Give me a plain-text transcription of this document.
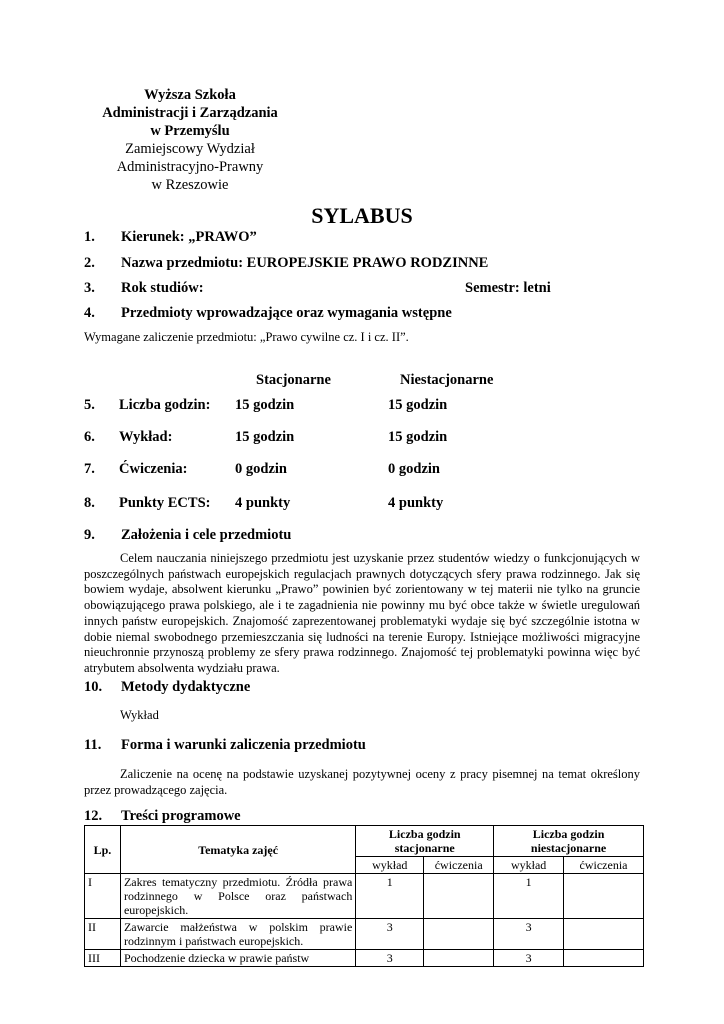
Wyższa Szkoła
Administracji i Zarządzania
w Przemyślu
Zamiejscowy Wydział
Administracyjno-Prawny
w Rzeszowie
SYLABUS
1. Kierunek: „PRAWO”
2. Nazwa przedmiotu: EUROPEJSKIE PRAWO RODZINNE
3. Rok studiów:	Semestr: letni
4. Przedmioty wprowadzające oraz wymagania wstępne
Wymagane zaliczenie przedmiotu: „Prawo cywilne cz. I i cz. II”.
Stacjonarne	Niestacjonarne
5. Liczba godzin: 15 godzin	15 godzin
6. Wykład:	15 godzin	15 godzin
7. Ćwiczenia:	0 godzin	0 godzin
8. Punkty ECTS: 4 punkty	4 punkty
9. Założenia i cele przedmiotu
Celem nauczania niniejszego przedmiotu jest uzyskanie przez studentów wiedzy o funkcjonujących w poszczególnych państwach europejskich regulacjach prawnych dotyczących sfery prawa rodzinnego. Jak się bowiem wydaje, absolwent kierunku „Prawo” powinien być zorientowany w tej materii nie tylko na gruncie obowiązującego prawa polskiego, ale i te zagadnienia nie powinny mu być obce także w świetle uregulowań innych państw europejskich. Znajomość zaprezentowanej problematyki wydaje się być szczególnie istotna w dobie niemal swobodnego przemieszczania się ludności na terenie Europy. Istniejące możliwości migracyjne nieuchronnie przynoszą problemy ze sfery prawa rodzinnego. Znajomość tej problematyki powinna więc być atrybutem absolwenta wydziału prawa.
10. Metody dydaktyczne
Wykład
11. Forma i warunki zaliczenia przedmiotu
Zaliczenie na ocenę na podstawie uzyskanej pozytywnej oceny z pracy pisemnej na temat określony przez prowadzącego zajęcia.
12. Treści programowe
Lp.	Tematyka zajęć	Liczba godzin stacjonarne		Liczba godzin niestacjonarne	
		wykład	ćwiczenia	wykład	ćwiczenia
I	Zakres tematyczny przedmiotu. Źródła prawa rodzinnego w Polsce oraz państwach europejskich.	1		1	
II	Zawarcie małżeństwa w polskim prawie rodzinnym i państwach europejskich.	3		3	
III	Pochodzenie dziecka w prawie państw	3		3	
